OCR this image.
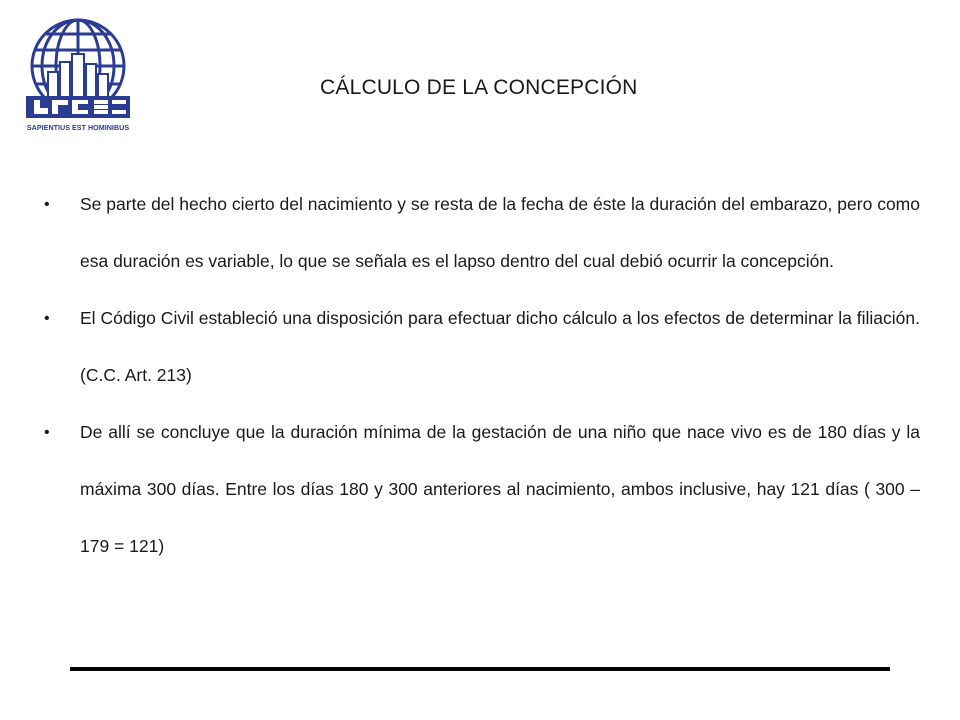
SAPIENTIUS EST HOMINIBUS
CÁLCULO DE LA CONCEPCIÓN
•	Se parte del hecho cierto del nacimiento y se resta de la fecha de éste la duración del embarazo, pero como esa duración es variable, lo que se señala es el lapso dentro del cual debió ocurrir la concepción.
•	El Código Civil estableció una disposición para efectuar dicho cálculo a los efectos de determinar la filiación. (C.C. Art. 213)
•	De allí se concluye que la duración mínima de la gestación de una niño que nace vivo es de 180 días y la máxima 300 días. Entre los días 180 y 300 anteriores al nacimiento, ambos inclusive, hay 121 días ( 300 – 179 = 121)
